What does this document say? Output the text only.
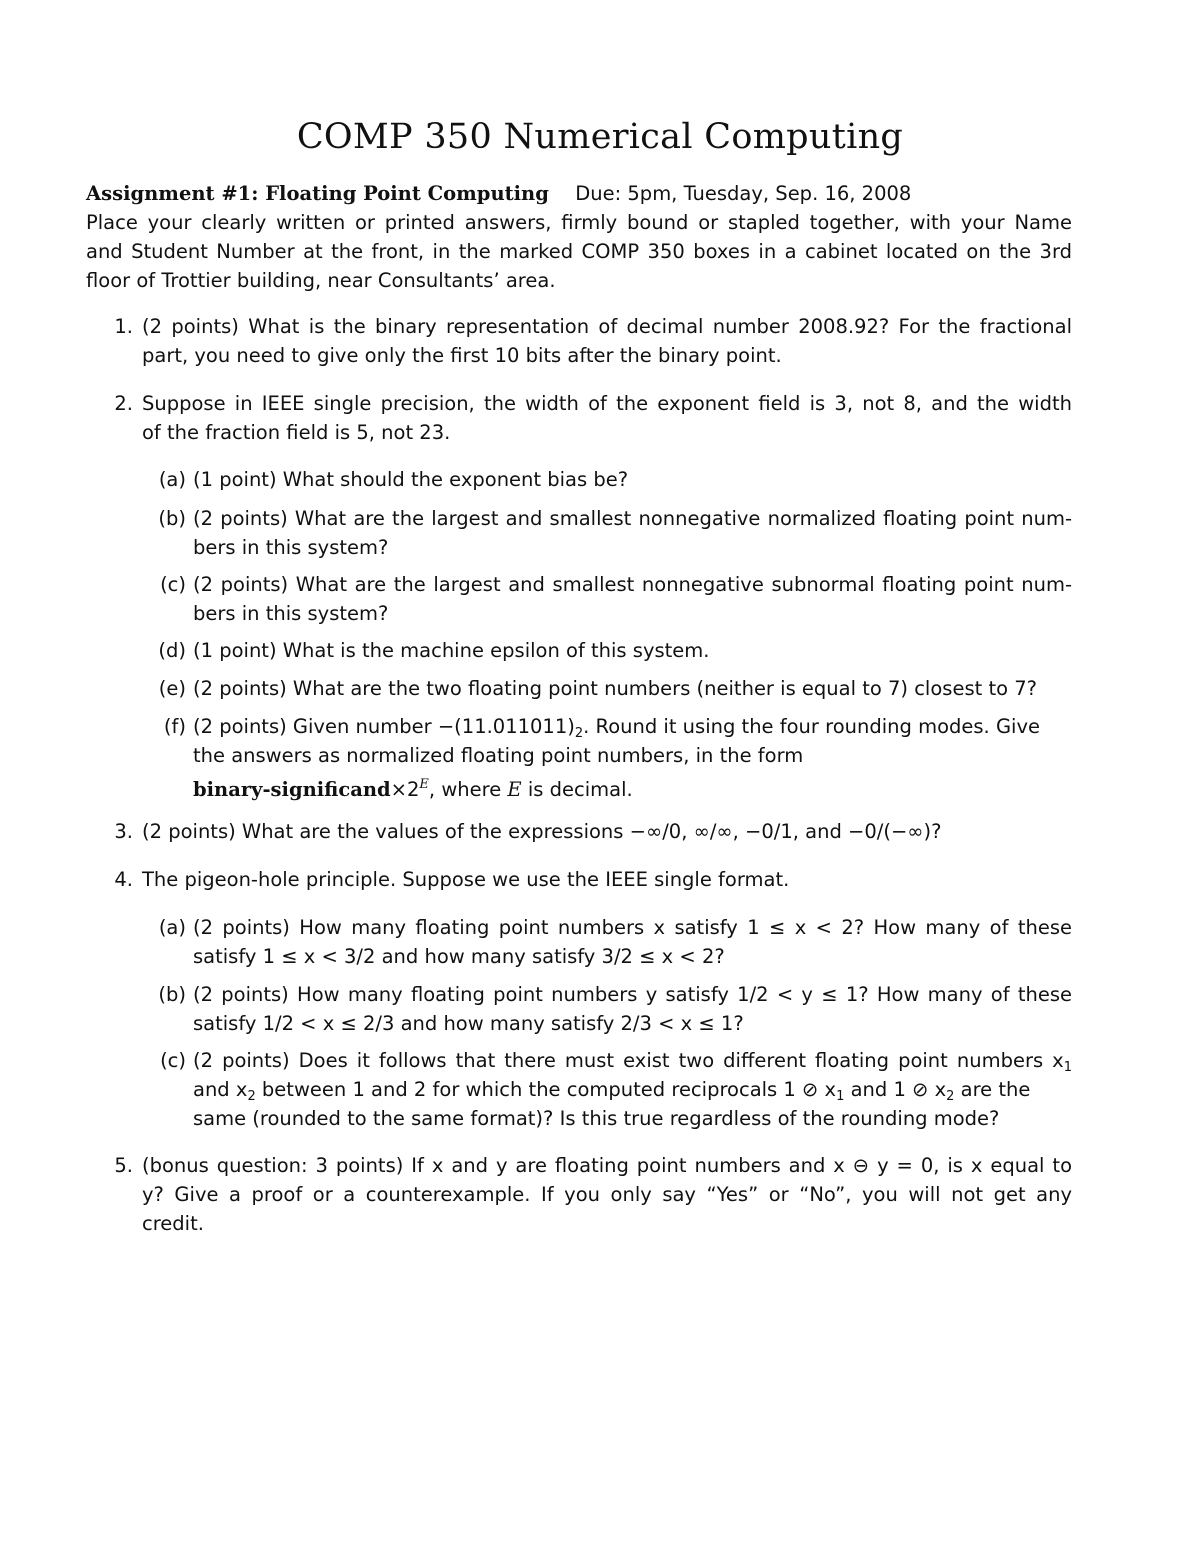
COMP 350 Numerical Computing
Assignment #1: Floating Point Computing Due: 5pm, Tuesday, Sep. 16, 2008
Place your clearly written or printed answers, firmly bound or stapled together, with your Name
and Student Number at the front, in the marked COMP 350 boxes in a cabinet located on the 3rd
floor of Trottier building, near Consultants’ area.
1. (2 points) What is the binary representation of decimal number 2008.92? For the fractional
part, you need to give only the first 10 bits after the binary point.
2. Suppose in IEEE single precision, the width of the exponent field is 3, not 8, and the width
of the fraction field is 5, not 23.
(a) (1 point) What should the exponent bias be?
(b) (2 points) What are the largest and smallest nonnegative normalized floating point num-
bers in this system?
(c) (2 points) What are the largest and smallest nonnegative subnormal floating point num-
bers in this system?
(d) (1 point) What is the machine epsilon of this system.
(e) (2 points) What are the two floating point numbers (neither is equal to 7) closest to 7?
(f) (2 points) Given number $-(11.011011)_2$. Round it using the four rounding modes. Give
the answers as normalized floating point numbers, in the form
binary-$significand\times 2^E$, where E is decimal.
3. (2 points) What are the values of the expressions −∞/0, ∞/∞, −0/1, and −0/(−∞)?
4. The pigeon-hole principle. Suppose we use the IEEE single format.
(a) (2 points) How many floating point numbers x satisfy 1 ≤ x < 2? How many of these
satisfy 1 ≤ x < 3/2 and how many satisfy 3/2 ≤ x < 2?
(b) (2 points) How many floating point numbers y satisfy 1/2 < y ≤ 1? How many of these
satisfy 1/2 < x ≤ 2/3 and how many satisfy 2/3 < x ≤ 1?
(c) (2 points) Does it follows that there must exist two different floating point numbers $x_1$
and $x_2$ between 1 and 2 for which the computed reciprocals 1 ⊘ $x_1$ and 1 ⊘ $x_2$ are the
same (rounded to the same format)? Is this true regardless of the rounding mode?
5. (bonus question: 3 points) If x and y are floating point numbers and x ⊖ y = 0, is x equal to
y? Give a proof or a counterexample. If you only say “Yes” or “No”, you will not get any
credit.
